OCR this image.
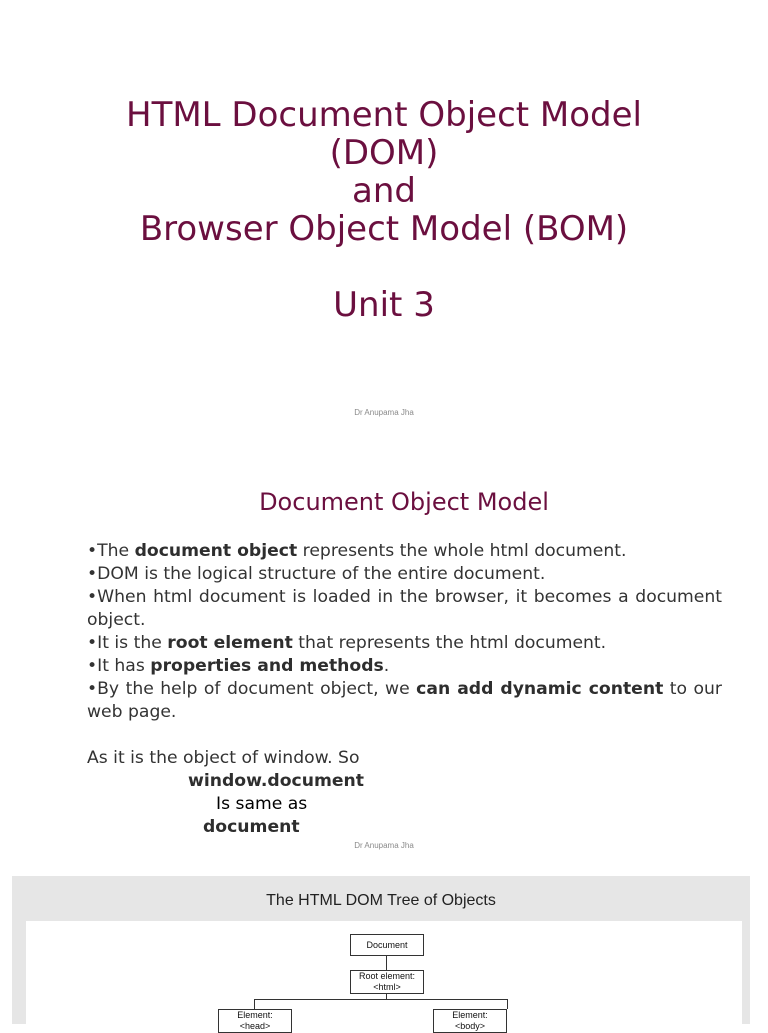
HTML Document Object Model
(DOM)
and
Browser Object Model (BOM)
Unit 3
Dr Anupama Jha
Document Object Model

•The document object represents the whole html document.

•DOM is the logical structure of the entire document.

•When html document is loaded in the browser, it becomes a document object.

•It is the root element that represents the html document.

•It has properties and methods.

•By the help of document object, we can add dynamic content to our web page.

As it is the object of window. So

window.document
Is same as
document
Dr Anupama Jha
The HTML DOM Tree of Objects
Document
Root element:
<html>
Element:
<head>
Element:
<body>
